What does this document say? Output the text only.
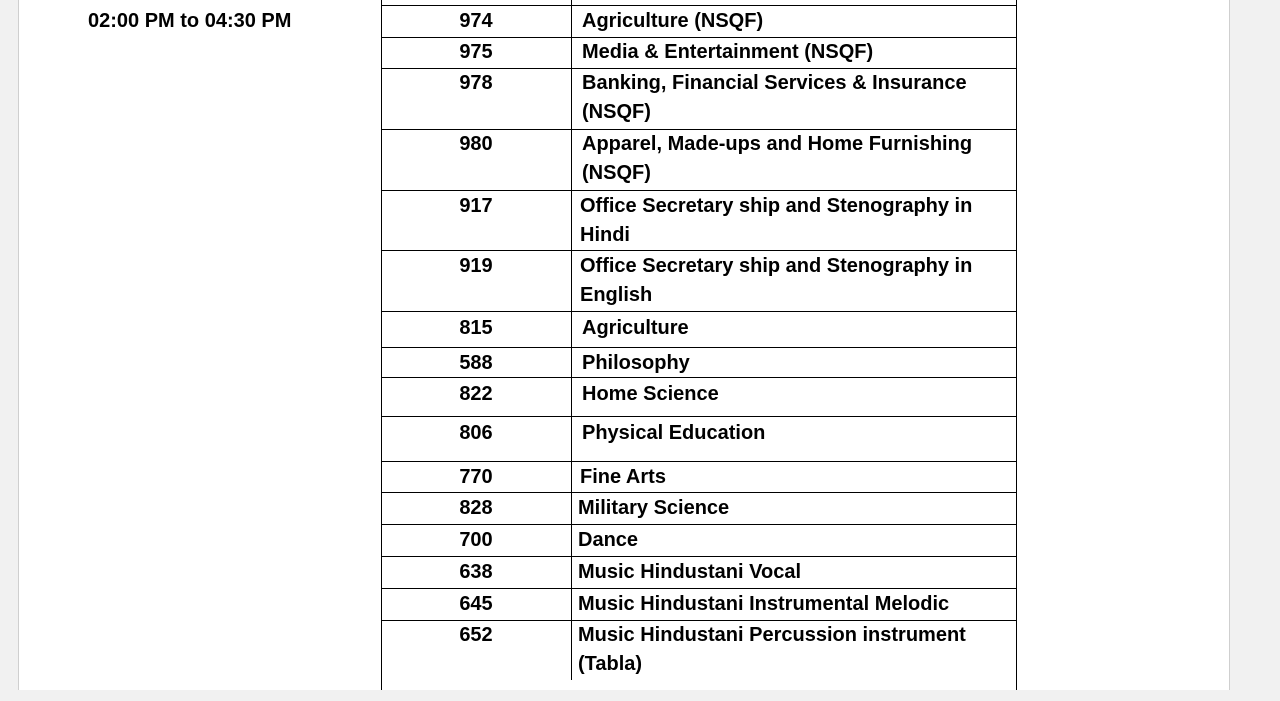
02:00 PM to 04:30 PM	974	Agriculture (NSQF)
975	Media & Entertainment (NSQF)
978	Banking, Financial Services & Insurance (NSQF)
980	Apparel, Made-ups and Home Furnishing (NSQF)
917	Office Secretary ship and Stenography in Hindi
919	Office Secretary ship and Stenography in English
815	Agriculture
588	Philosophy
822	Home Science
806	Physical Education
770	Fine Arts
828	Military Science
700	Dance
638	Music Hindustani Vocal
645	Music Hindustani Instrumental Melodic
652	Music Hindustani Percussion instrument (Tabla)
